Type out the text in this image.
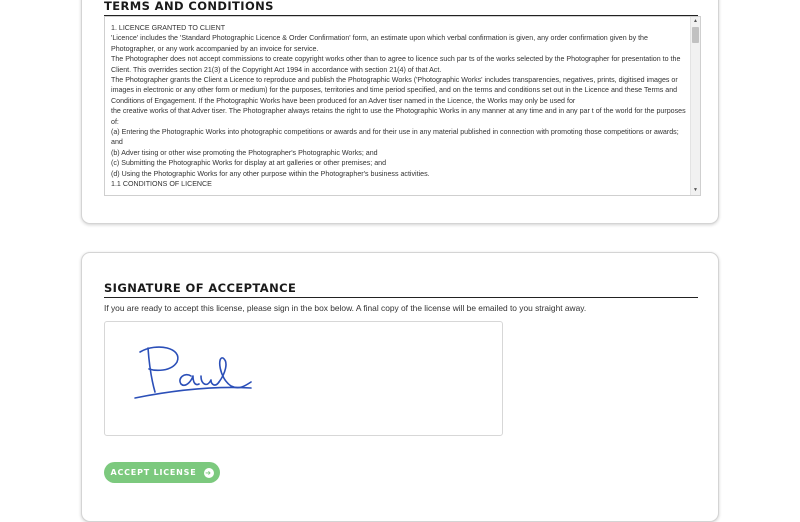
TERMS AND CONDITIONS

1. LICENCE GRANTED TO CLIENT

'Licence' includes the 'Standard Photographic Licence & Order Confirmation' form, an estimate upon which verbal confirmation is given, any order confirmation given by the Photographer, or any work accompanied by an invoice for service.

The Photographer does not accept commissions to create copyright works other than to agree to licence such par ts of the works selected by the Photographer for presentation to the Client. This overrides section 21(3) of the Copyright Act 1994 in accordance with section 21(4) of that Act.

The Photographer grants the Client a Licence to reproduce and publish the Photographic Works ('Photographic Works' includes transparencies, negatives, prints, digitised images or images in electronic or any other form or medium) for the purposes, territories and time period specified, and on the terms and conditions set out in the Licence and these Terms and Conditions of Engagement. If the Photographic Works have been produced for an Adver tiser named in the Licence, the Works may only be used for

the creative works of that Adver tiser. The Photographer always retains the right to use the Photographic Works in any manner at any time and in any par t of the world for the purposes of:

(a) Entering the Photographic Works into photographic competitions or awards and for their use in any material published in connection with promoting those competitions or awards; and

(b) Adver tising or other wise promoting the Photographer's Photographic Works; and

(c) Submitting the Photographic Works for display at art galleries or other premises; and

(d) Using the Photographic Works for any other purpose within the Photographer's business activities.

1.1 CONDITIONS OF LICENCE

▲
▼
SIGNATURE OF ACCEPTANCE

If you are ready to accept this license, please sign in the box below. A final copy of the license will be emailed to you straight away.

ACCEPT LICENSE ➜
